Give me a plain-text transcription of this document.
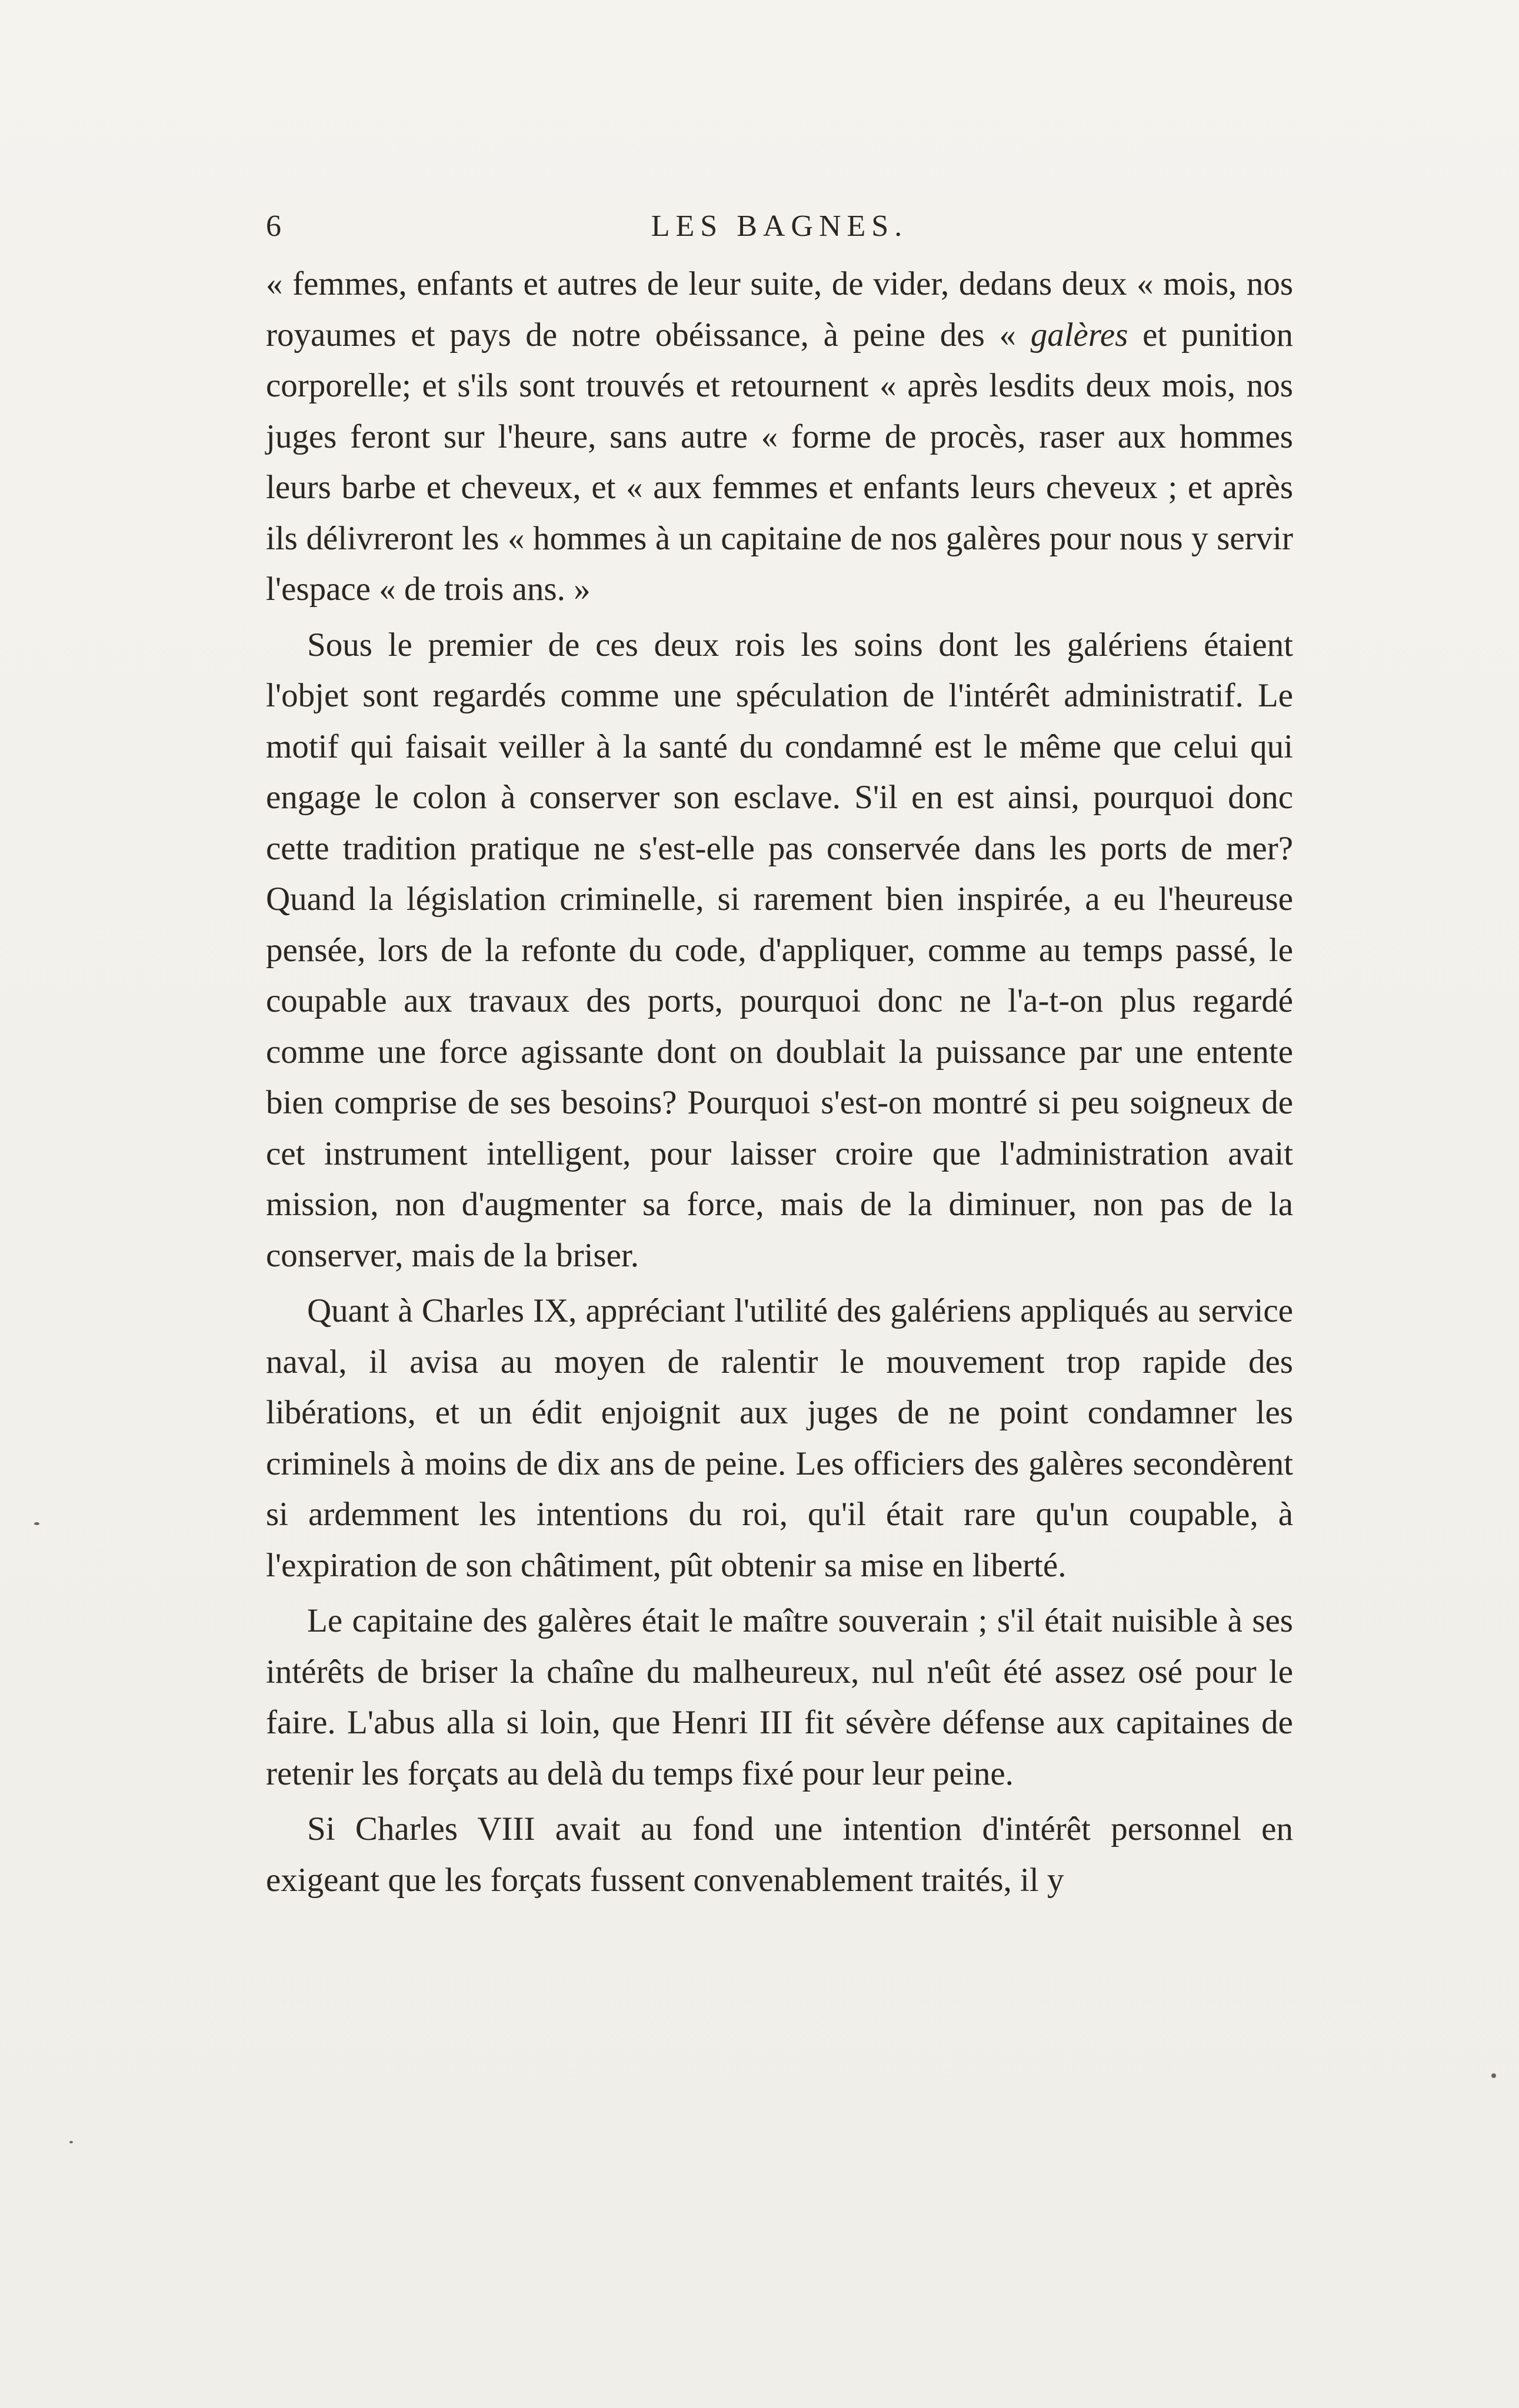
6	LES BAGNES.

« femmes, enfants et autres de leur suite, de vider, dedans deux « mois, nos royaumes et pays de notre obéissance, à peine des « galères et punition corporelle; et s'ils sont trouvés et retournent « après lesdits deux mois, nos juges feront sur l'heure, sans autre « forme de procès, raser aux hommes leurs barbe et cheveux, et « aux femmes et enfants leurs cheveux ; et après ils délivreront les « hommes à un capitaine de nos galères pour nous y servir l'espace « de trois ans. »

Sous le premier de ces deux rois les soins dont les galériens étaient l'objet sont regardés comme une spéculation de l'intérêt administratif. Le motif qui faisait veiller à la santé du condamné est le même que celui qui engage le colon à conserver son esclave. S'il en est ainsi, pourquoi donc cette tradition pratique ne s'est-elle pas conservée dans les ports de mer? Quand la législation criminelle, si rarement bien inspirée, a eu l'heureuse pensée, lors de la refonte du code, d'appliquer, comme au temps passé, le coupable aux travaux des ports, pourquoi donc ne l'a-t-on plus regardé comme une force agissante dont on doublait la puissance par une entente bien comprise de ses besoins? Pourquoi s'est-on montré si peu soigneux de cet instrument intelligent, pour laisser croire que l'administration avait mission, non d'augmenter sa force, mais de la diminuer, non pas de la conserver, mais de la briser.

Quant à Charles IX, appréciant l'utilité des galériens appliqués au service naval, il avisa au moyen de ralentir le mouvement trop rapide des libérations, et un édit enjoignit aux juges de ne point condamner les criminels à moins de dix ans de peine. Les officiers des galères secondèrent si ardemment les intentions du roi, qu'il était rare qu'un coupable, à l'expiration de son châtiment, pût obtenir sa mise en liberté.

Le capitaine des galères était le maître souverain ; s'il était nuisible à ses intérêts de briser la chaîne du malheureux, nul n'eût été assez osé pour le faire. L'abus alla si loin, que Henri III fit sévère défense aux capitaines de retenir les forçats au delà du temps fixé pour leur peine.

Si Charles VIII avait au fond une intention d'intérêt personnel en exigeant que les forçats fussent convenablement traités, il y
